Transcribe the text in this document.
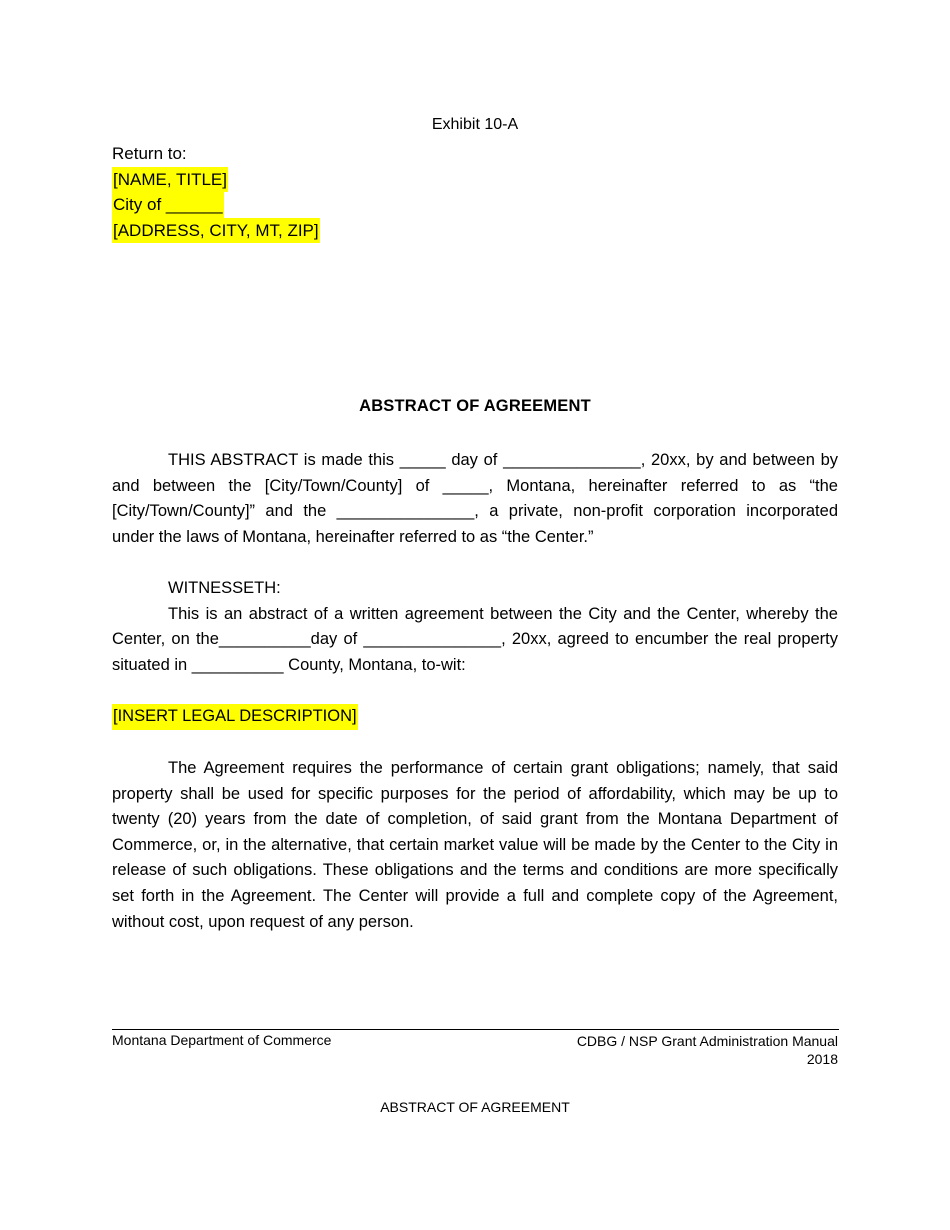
Exhibit 10-A
Return to:
[NAME, TITLE]
City of ______
[ADDRESS, CITY, MT, ZIP]
ABSTRACT OF AGREEMENT
THIS ABSTRACT is made this _____ day of _______________, 20xx, by and between by and between the [City/Town/County] of _____, Montana, hereinafter referred to as “the [City/Town/County]” and the _______________, a private, non-profit corporation incorporated under the laws of Montana, hereinafter referred to as “the Center.”
WITNESSETH:
This is an abstract of a written agreement between the City and the Center, whereby the Center, on the__________day of _______________, 20xx, agreed to encumber the real property situated in __________ County, Montana, to-wit:
[INSERT LEGAL DESCRIPTION]
The Agreement requires the performance of certain grant obligations; namely, that said property shall be used for specific purposes for the period of affordability, which may be up to twenty (20) years from the date of completion, of said grant from the Montana Department of Commerce, or, in the alternative, that certain market value will be made by the Center to the City in release of such obligations. These obligations and the terms and conditions are more specifically set forth in the Agreement. The Center will provide a full and complete copy of the Agreement, without cost, upon request of any person.
Montana Department of Commerce	CDBG / NSP Grant Administration Manual
2018
ABSTRACT OF AGREEMENT
